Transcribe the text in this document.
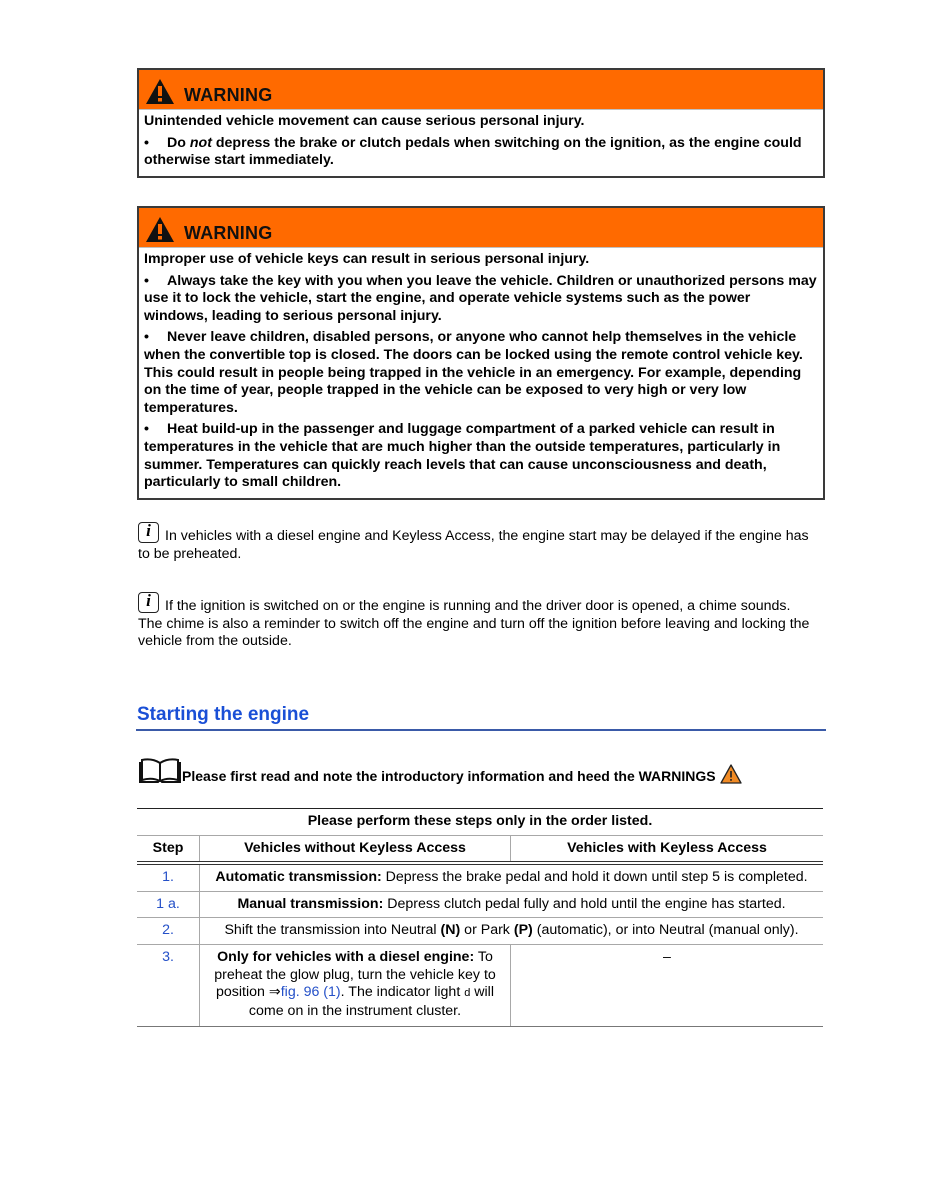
WARNING

Unintended vehicle movement can cause serious personal injury.

• Do not depress the brake or clutch pedals when switching on the ignition, as the engine could otherwise start immediately.

WARNING

Improper use of vehicle keys can result in serious personal injury.

• Always take the key with you when you leave the vehicle. Children or unauthorized persons may use it to lock the vehicle, start the engine, and operate vehicle systems such as the power windows, leading to serious personal injury.

• Never leave children, disabled persons, or anyone who cannot help themselves in the vehicle when the convertible top is closed. The doors can be locked using the remote control vehicle key. This could result in people being trapped in the vehicle in an emergency. For example, depending on the time of year, people trapped in the vehicle can be exposed to very high or very low temperatures.

• Heat build-up in the passenger and luggage compartment of a parked vehicle can result in temperatures in the vehicle that are much higher than the outside temperatures, particularly in summer. Temperatures can quickly reach levels that can cause unconsciousness and death, particularly to small children.

i In vehicles with a diesel engine and Keyless Access, the engine start may be delayed if the engine has to be preheated.
i If the ignition is switched on or the engine is running and the driver door is opened, a chime sounds. The chime is also a reminder to switch off the engine and turn off the ignition before leaving and locking the vehicle from the outside.
Starting the engine
Please first read and note the introductory information and heed the WARNINGS
Please perform these steps only in the order listed.		
Step	Vehicles without Keyless Access	Vehicles with Keyless Access
1.	Automatic transmission: Depress the brake pedal and hold it down until step 5 is completed.	
1 a.	Manual transmission: Depress clutch pedal fully and hold until the engine has started.	
2.	Shift the transmission into Neutral (N) or Park (P) (automatic), or into Neutral (manual only).	
3.	Only for vehicles with a diesel engine: To preheat the glow plug, turn the vehicle key to position ⇒fig. 96 (1). The indicator light d will come on in the instrument cluster.	–
